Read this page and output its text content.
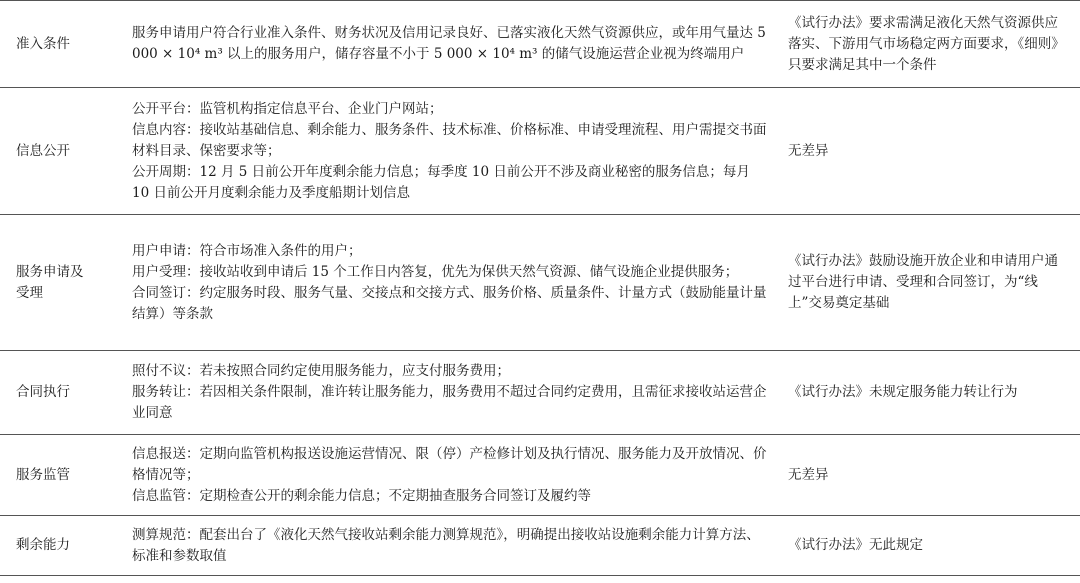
准入条件	服务申请用户符合行业准入条件、财务状况及信用记录良好、已落实液化天然气资源供应，或年用气量达 5 000 × 10⁴ m³ 以上的服务用户，储存容量不小于 5 000 × 10⁴ m³ 的储气设施运营企业视为终端用户	《试行办法》要求需满足液化天然气资源供应落实、下游用气市场稳定两方面要求，《细则》只要求满足其中一个条件

信息公开	公开平台：监管机构指定信息平台、企业门户网站；
信息内容：接收站基础信息、剩余能力、服务条件、技术标准、价格标准、申请受理流程、用户需提交书面材料目录、保密要求等；
公开周期：12 月 5 日前公开年度剩余能力信息；每季度 10 日前公开不涉及商业秘密的服务信息；每月 10 日前公开月度剩余能力及季度船期计划信息	无差异

服务申请及受理	用户申请：符合市场准入条件的用户；
用户受理：接收站收到申请后 15 个工作日内答复，优先为保供天然气资源、储气设施企业提供服务；
合同签订：约定服务时段、服务气量、交接点和交接方式、服务价格、质量条件、计量方式（鼓励能量计量结算）等条款	《试行办法》鼓励设施开放企业和申请用户通过平台进行申请、受理和合同签订，为“线上”交易奠定基础

合同执行	照付不议：若未按照合同约定使用服务能力，应支付服务费用；
服务转让：若因相关条件限制，准许转让服务能力，服务费用不超过合同约定费用，且需征求接收站运营企业同意	《试行办法》未规定服务能力转让行为

服务监管	信息报送：定期向监管机构报送设施运营情况、限（停）产检修计划及执行情况、服务能力及开放情况、价格情况等；
信息监管：定期检查公开的剩余能力信息；不定期抽查服务合同签订及履约等	无差异

剩余能力	测算规范：配套出台了《液化天然气接收站剩余能力测算规范》，明确提出接收站设施剩余能力计算方法、标准和参数取值	《试行办法》无此规定
